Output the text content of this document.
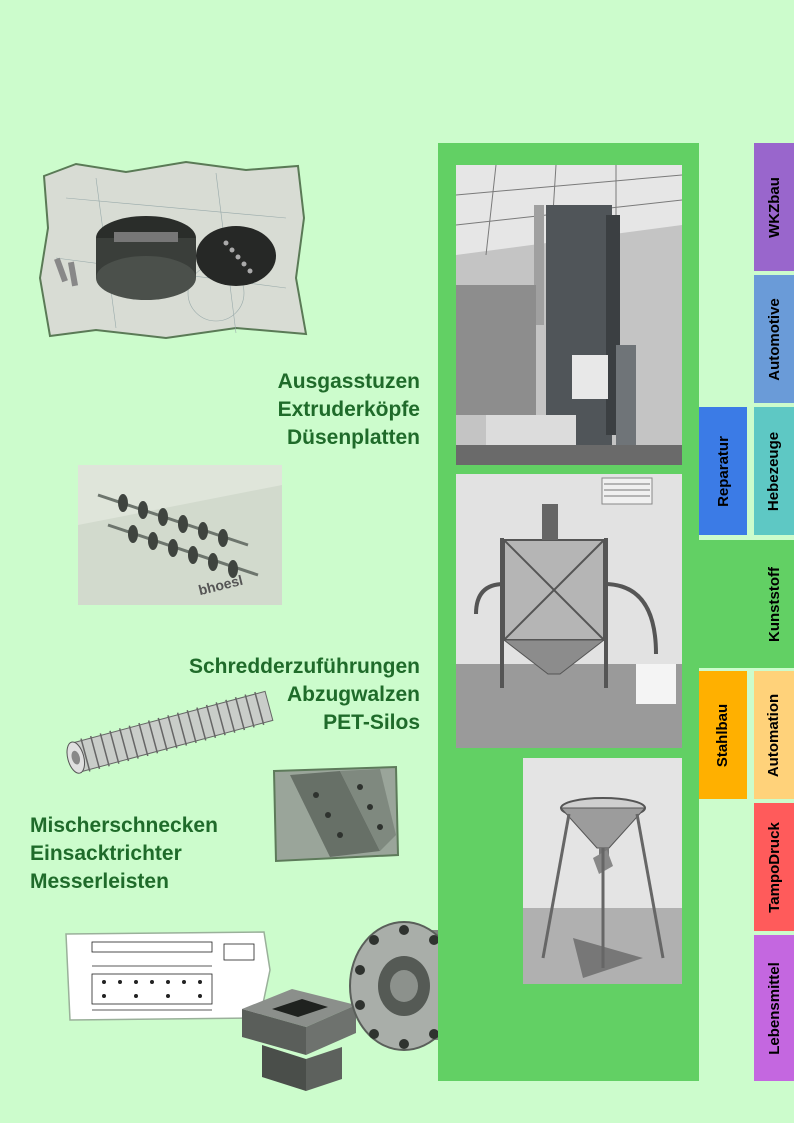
Ausgasstuzen
Extruderköpfe
Düsenplatten
bhoesl
Schredderzuführungen
Abzugwalzen
PET-Silos
Mischerschnecken
Einsacktrichter
Messerleisten
WKZbau
Automotive
Hebezeuge
Reparatur
Kunststoff
Stahlbau Automation
TampoDruck
Lebensmittel
